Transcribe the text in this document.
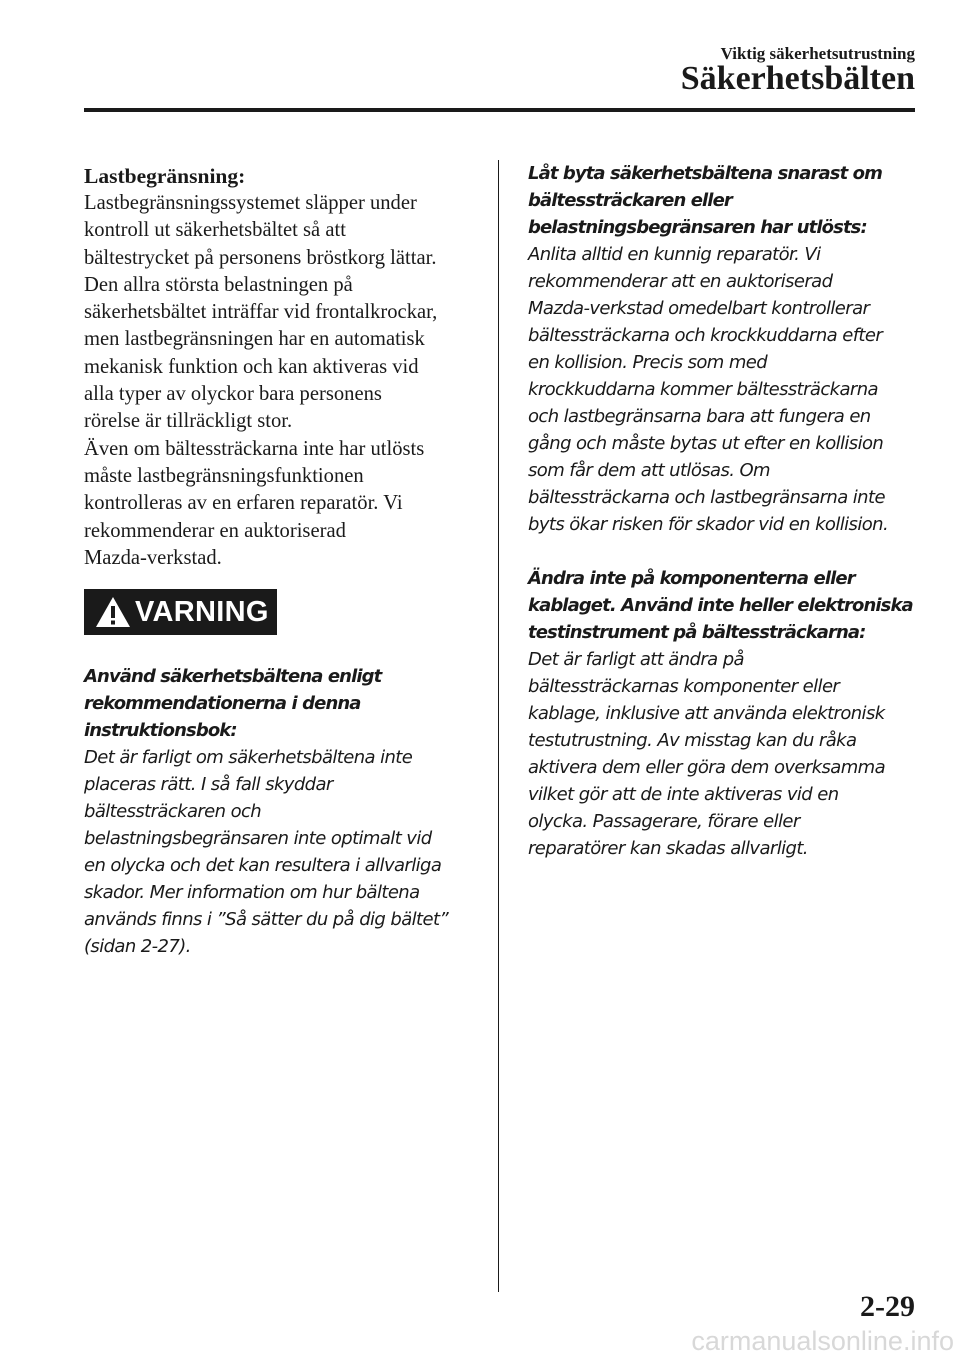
Viktig säkerhetsutrustning
Säkerhetsbälten
Lastbegränsning:
Lastbegränsningssystemet släpper under
kontroll ut säkerhetsbältet så att
bältestrycket på personens bröstkorg lättar.
Den allra största belastningen på
säkerhetsbältet inträffar vid frontalkrockar,
men lastbegränsningen har en automatisk
mekanisk funktion och kan aktiveras vid
alla typer av olyckor bara personens
rörelse är tillräckligt stor.
Även om bältessträckarna inte har utlösts
måste lastbegränsningsfunktionen
kontrolleras av en erfaren reparatör. Vi
rekommenderar en auktoriserad
Mazda-verkstad.
VARNING
Använd säkerhetsbältena enligt
rekommendationerna i denna
instruktionsbok:
Det är farligt om säkerhetsbältena inte
placeras rätt. I så fall skyddar
bältessträckaren och
belastningsbegränsaren inte optimalt vid
en olycka och det kan resultera i allvarliga
skador. Mer information om hur bältena
används finns i ”Så sätter du på dig bältet”
(sidan 2-27).
Låt byta säkerhetsbältena snarast om
bältessträckaren eller
belastningsbegränsaren har utlösts:
Anlita alltid en kunnig reparatör. Vi
rekommenderar att en auktoriserad
Mazda-verkstad omedelbart kontrollerar
bältessträckarna och krockkuddarna efter
en kollision. Precis som med
krockkuddarna kommer bältessträckarna
och lastbegränsarna bara att fungera en
gång och måste bytas ut efter en kollision
som får dem att utlösas. Om
bältessträckarna och lastbegränsarna inte
byts ökar risken för skador vid en kollision.
Ändra inte på komponenterna eller
kablaget. Använd inte heller elektroniska
testinstrument på bältessträckarna:
Det är farligt att ändra på
bältessträckarnas komponenter eller
kablage, inklusive att använda elektronisk
testutrustning. Av misstag kan du råka
aktivera dem eller göra dem overksamma
vilket gör att de inte aktiveras vid en
olycka. Passagerare, förare eller
reparatörer kan skadas allvarligt.
2-29
carmanualsonline.info
